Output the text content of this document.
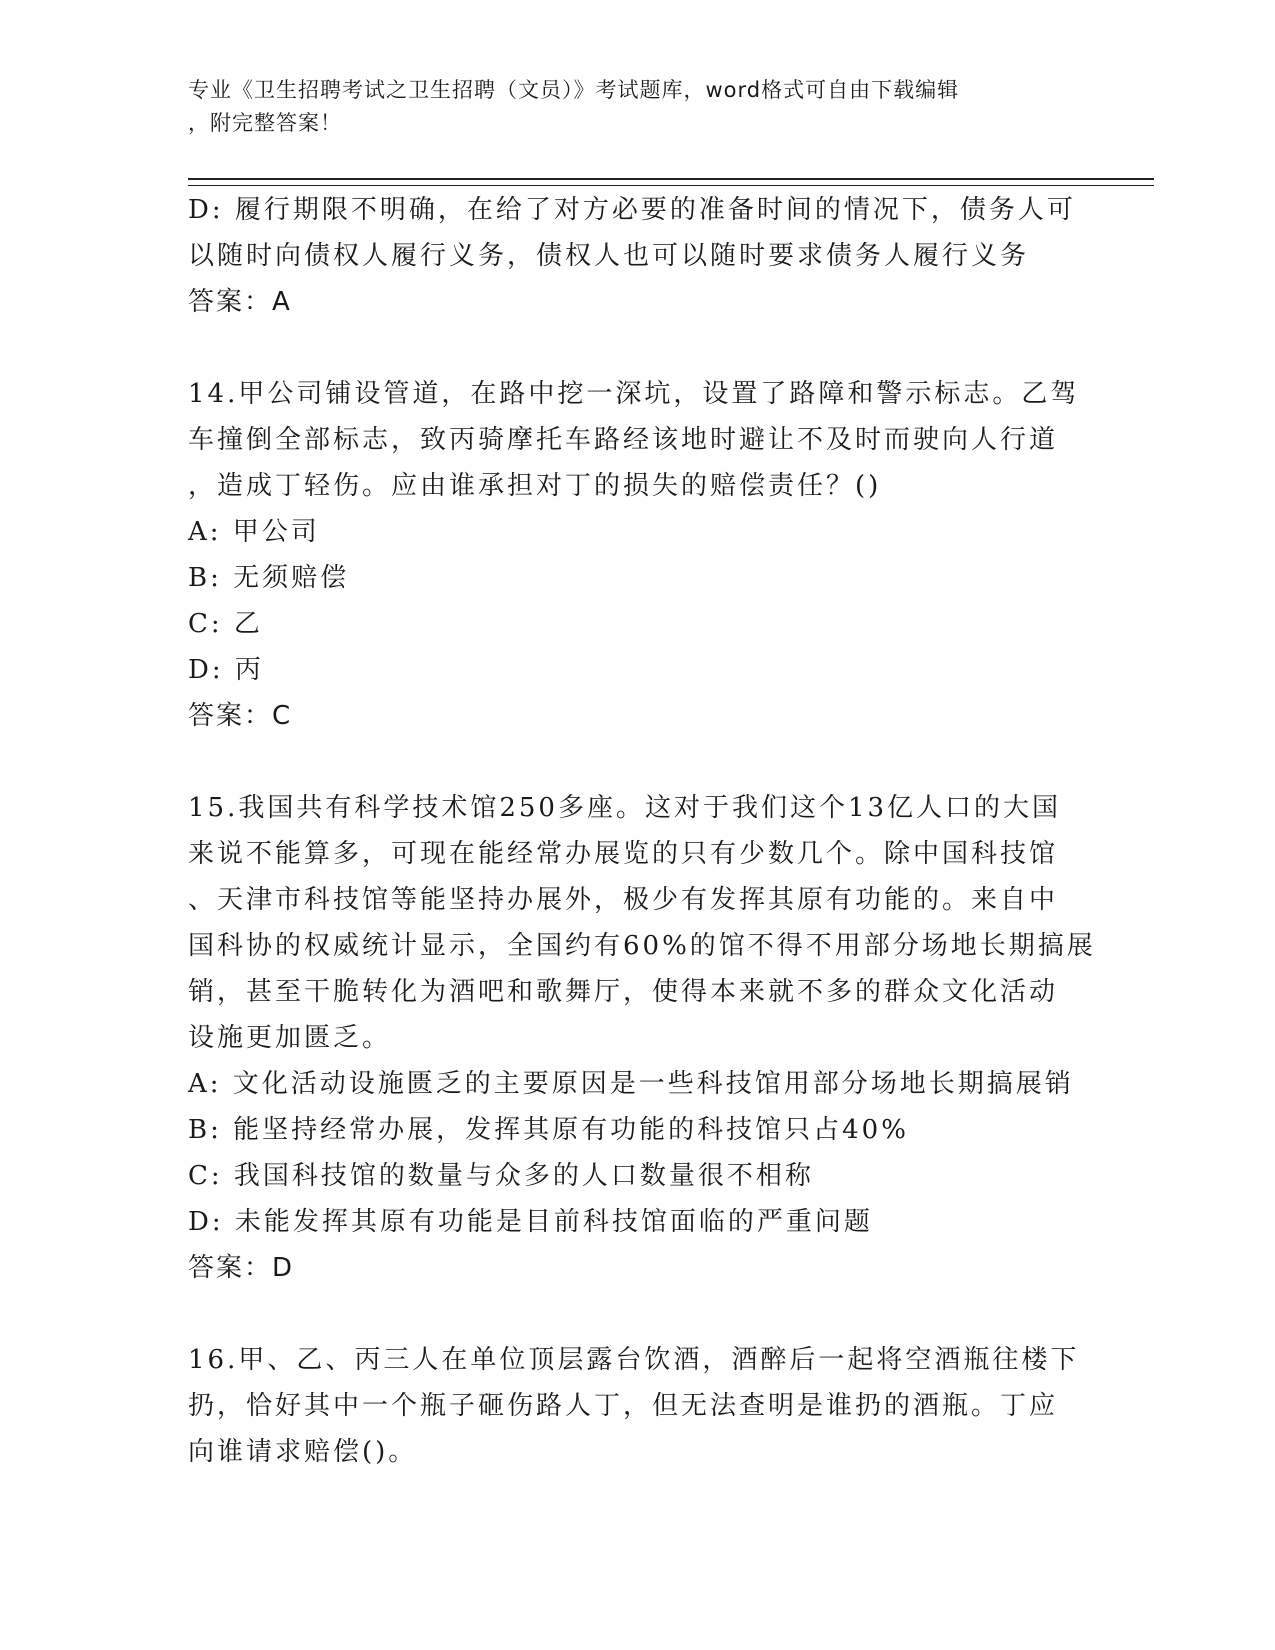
专业《卫生招聘考试之卫生招聘（文员）》考试题库，word格式可自由下载编辑
，附完整答案！
D: 履行期限不明确，在给了对方必要的准备时间的情况下，债务人可
以随时向债权人履行义务，债权人也可以随时要求债务人履行义务
答案：A
14.甲公司铺设管道，在路中挖一深坑，设置了路障和警示标志。乙驾
车撞倒全部标志，致丙骑摩托车路经该地时避让不及时而驶向人行道
，造成丁轻伤。应由谁承担对丁的损失的赔偿责任？()
A: 甲公司
B: 无须赔偿
C: 乙
D: 丙
答案：C
15.我国共有科学技术馆250多座。这对于我们这个13亿人口的大国
来说不能算多，可现在能经常办展览的只有少数几个。除中国科技馆
、天津市科技馆等能坚持办展外，极少有发挥其原有功能的。来自中
国科协的权威统计显示，全国约有60%的馆不得不用部分场地长期搞展
销，甚至干脆转化为酒吧和歌舞厅，使得本来就不多的群众文化活动
设施更加匮乏。
A: 文化活动设施匮乏的主要原因是一些科技馆用部分场地长期搞展销
B: 能坚持经常办展，发挥其原有功能的科技馆只占40%
C: 我国科技馆的数量与众多的人口数量很不相称
D: 未能发挥其原有功能是目前科技馆面临的严重问题
答案：D
16.甲、乙、丙三人在单位顶层露台饮酒，酒醉后一起将空酒瓶往楼下
扔，恰好其中一个瓶子砸伤路人丁，但无法查明是谁扔的酒瓶。丁应
向谁请求赔偿()。
